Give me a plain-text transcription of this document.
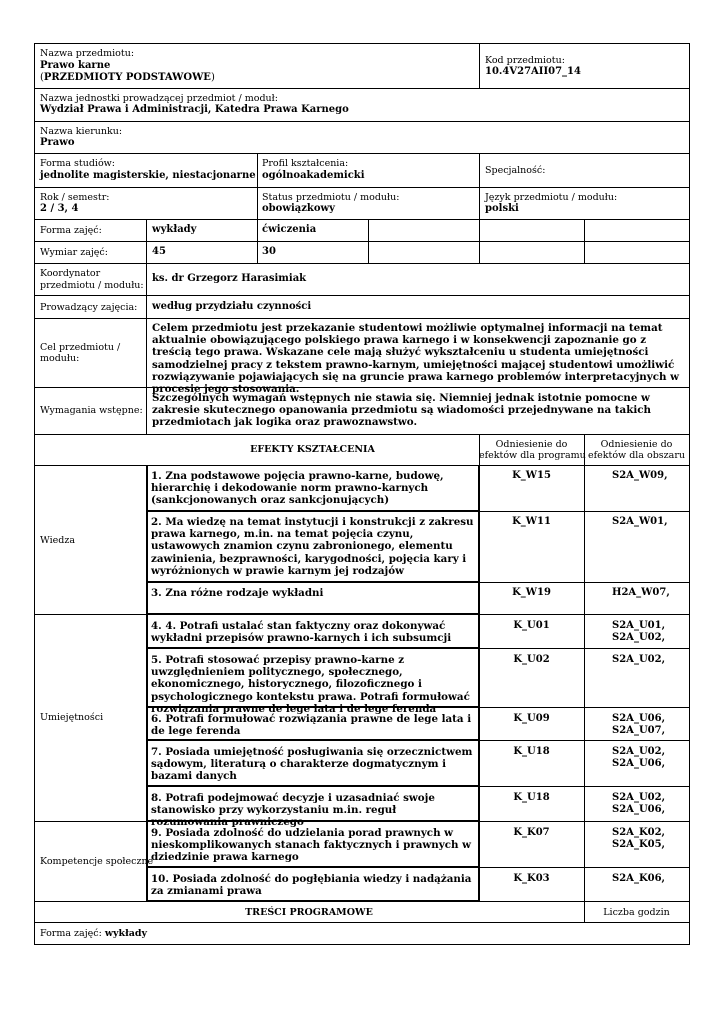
Nazwa przedmiotu:
Prawo karne
(PRZEDMIOTY PODSTAWOWE)
Kod przedmiotu:
10.4V27AII07_14
Nazwa jednostki prowadzącej przedmiot / moduł:
Wydział Prawa i Administracji, Katedra Prawa Karnego
Nazwa kierunku:
Prawo
Forma studiów:
jednolite magisterskie, niestacjonarne
Profil kształcenia:
ogólnoakademicki	Specjalność:
Rok / semestr:
2 / 3, 4
Status przedmiotu / modułu:
obowiązkowy
Język przedmiotu / modułu:
polski
Forma zajęć:	wykłady	ćwiczenia
Wymiar zajęć:	45	30
Koordynator
przedmiotu / modułu:
ks. dr Grzegorz Harasimiak
Prowadzący zajęcia: według przydziału czynności
Cel przedmiotu /
modułu:
Celem przedmiotu jest przekazanie studentowi możliwie optymalnej informacji na temat aktualnie obowiązującego polskiego prawa karnego i w konsekwencji zapoznanie go z treścią tego prawa. Wskazane cele mają służyć wykształceniu u studenta umiejętności samodzielnej pracy z tekstem prawno-karnym, umiejętności mającej studentowi umożliwić rozwiązywanie pojawiających się na gruncie prawa karnego problemów interpretacyjnych w procesie jego stosowania.
Wymagania wstępne:
Szczególnych wymagań wstępnych nie stawia się. Niemniej jednak istotnie pomocne w zakresie skutecznego opanowania przedmiotu są wiadomości przejednywane na takich przedmiotach jak logika oraz prawoznawstwo.
EFEKTY KSZTAŁCENIA	Odniesienie do
efektów dla programu
Odniesienie do
efektów dla obszaru
Wiedza
1. Zna podstawowe pojęcia prawno-karne, budowę, hierarchię i dekodowanie norm prawno-karnych (sankcjonowanych oraz sankcjonujących)
K_W15	S2A_W09,
2. Ma wiedzę na temat instytucji i konstrukcji z zakresu prawa karnego, m.in. na temat pojęcia czynu, ustawowych znamion czynu zabronionego, elementu zawinienia, bezprawności, karygodności, pojęcia kary i wyróżnionych w prawie karnym jej rodzajów
K_W11	S2A_W01,
3. Zna różne rodzaje wykładni	K_W19	H2A_W07,
Umiejętności
4. 4. Potrafi ustalać stan faktyczny oraz dokonywać wykładni przepisów prawno-karnych i ich subsumcji
K_U01	S2A_U01,
S2A_U02,
5. Potrafi stosować przepisy prawno-karne z uwzględnieniem politycznego, społecznego, ekonomicznego, historycznego, filozoficznego i psychologicznego kontekstu prawa. Potrafi formułować rozwiązania prawne de lege lata i de lege ferenda
K_U02	S2A_U02,
6. Potrafi formułować rozwiązania prawne de lege lata i de lege ferenda
K_U09	S2A_U06,
S2A_U07,
7. Posiada umiejętność posługiwania się orzecznictwem sądowym, literaturą o charakterze dogmatycznym i bazami danych
K_U18	S2A_U02,
S2A_U06,
8. Potrafi podejmować decyzje i uzasadniać swoje stanowisko przy wykorzystaniu m.in. reguł rozumowania prawniczego
K_U18	S2A_U02,
S2A_U06,
Kompetencje społeczne
9. Posiada zdolność do udzielania porad prawnych w nieskomplikowanych stanach faktycznych i prawnych w dziedzinie prawa karnego
K_K07	S2A_K02,
S2A_K05,
10. Posiada zdolność do pogłębiania wiedzy i nadążania za zmianami prawa
K_K03	S2A_K06,
TREŚCI PROGRAMOWE	Liczba godzin
Forma zajęć: wykłady
